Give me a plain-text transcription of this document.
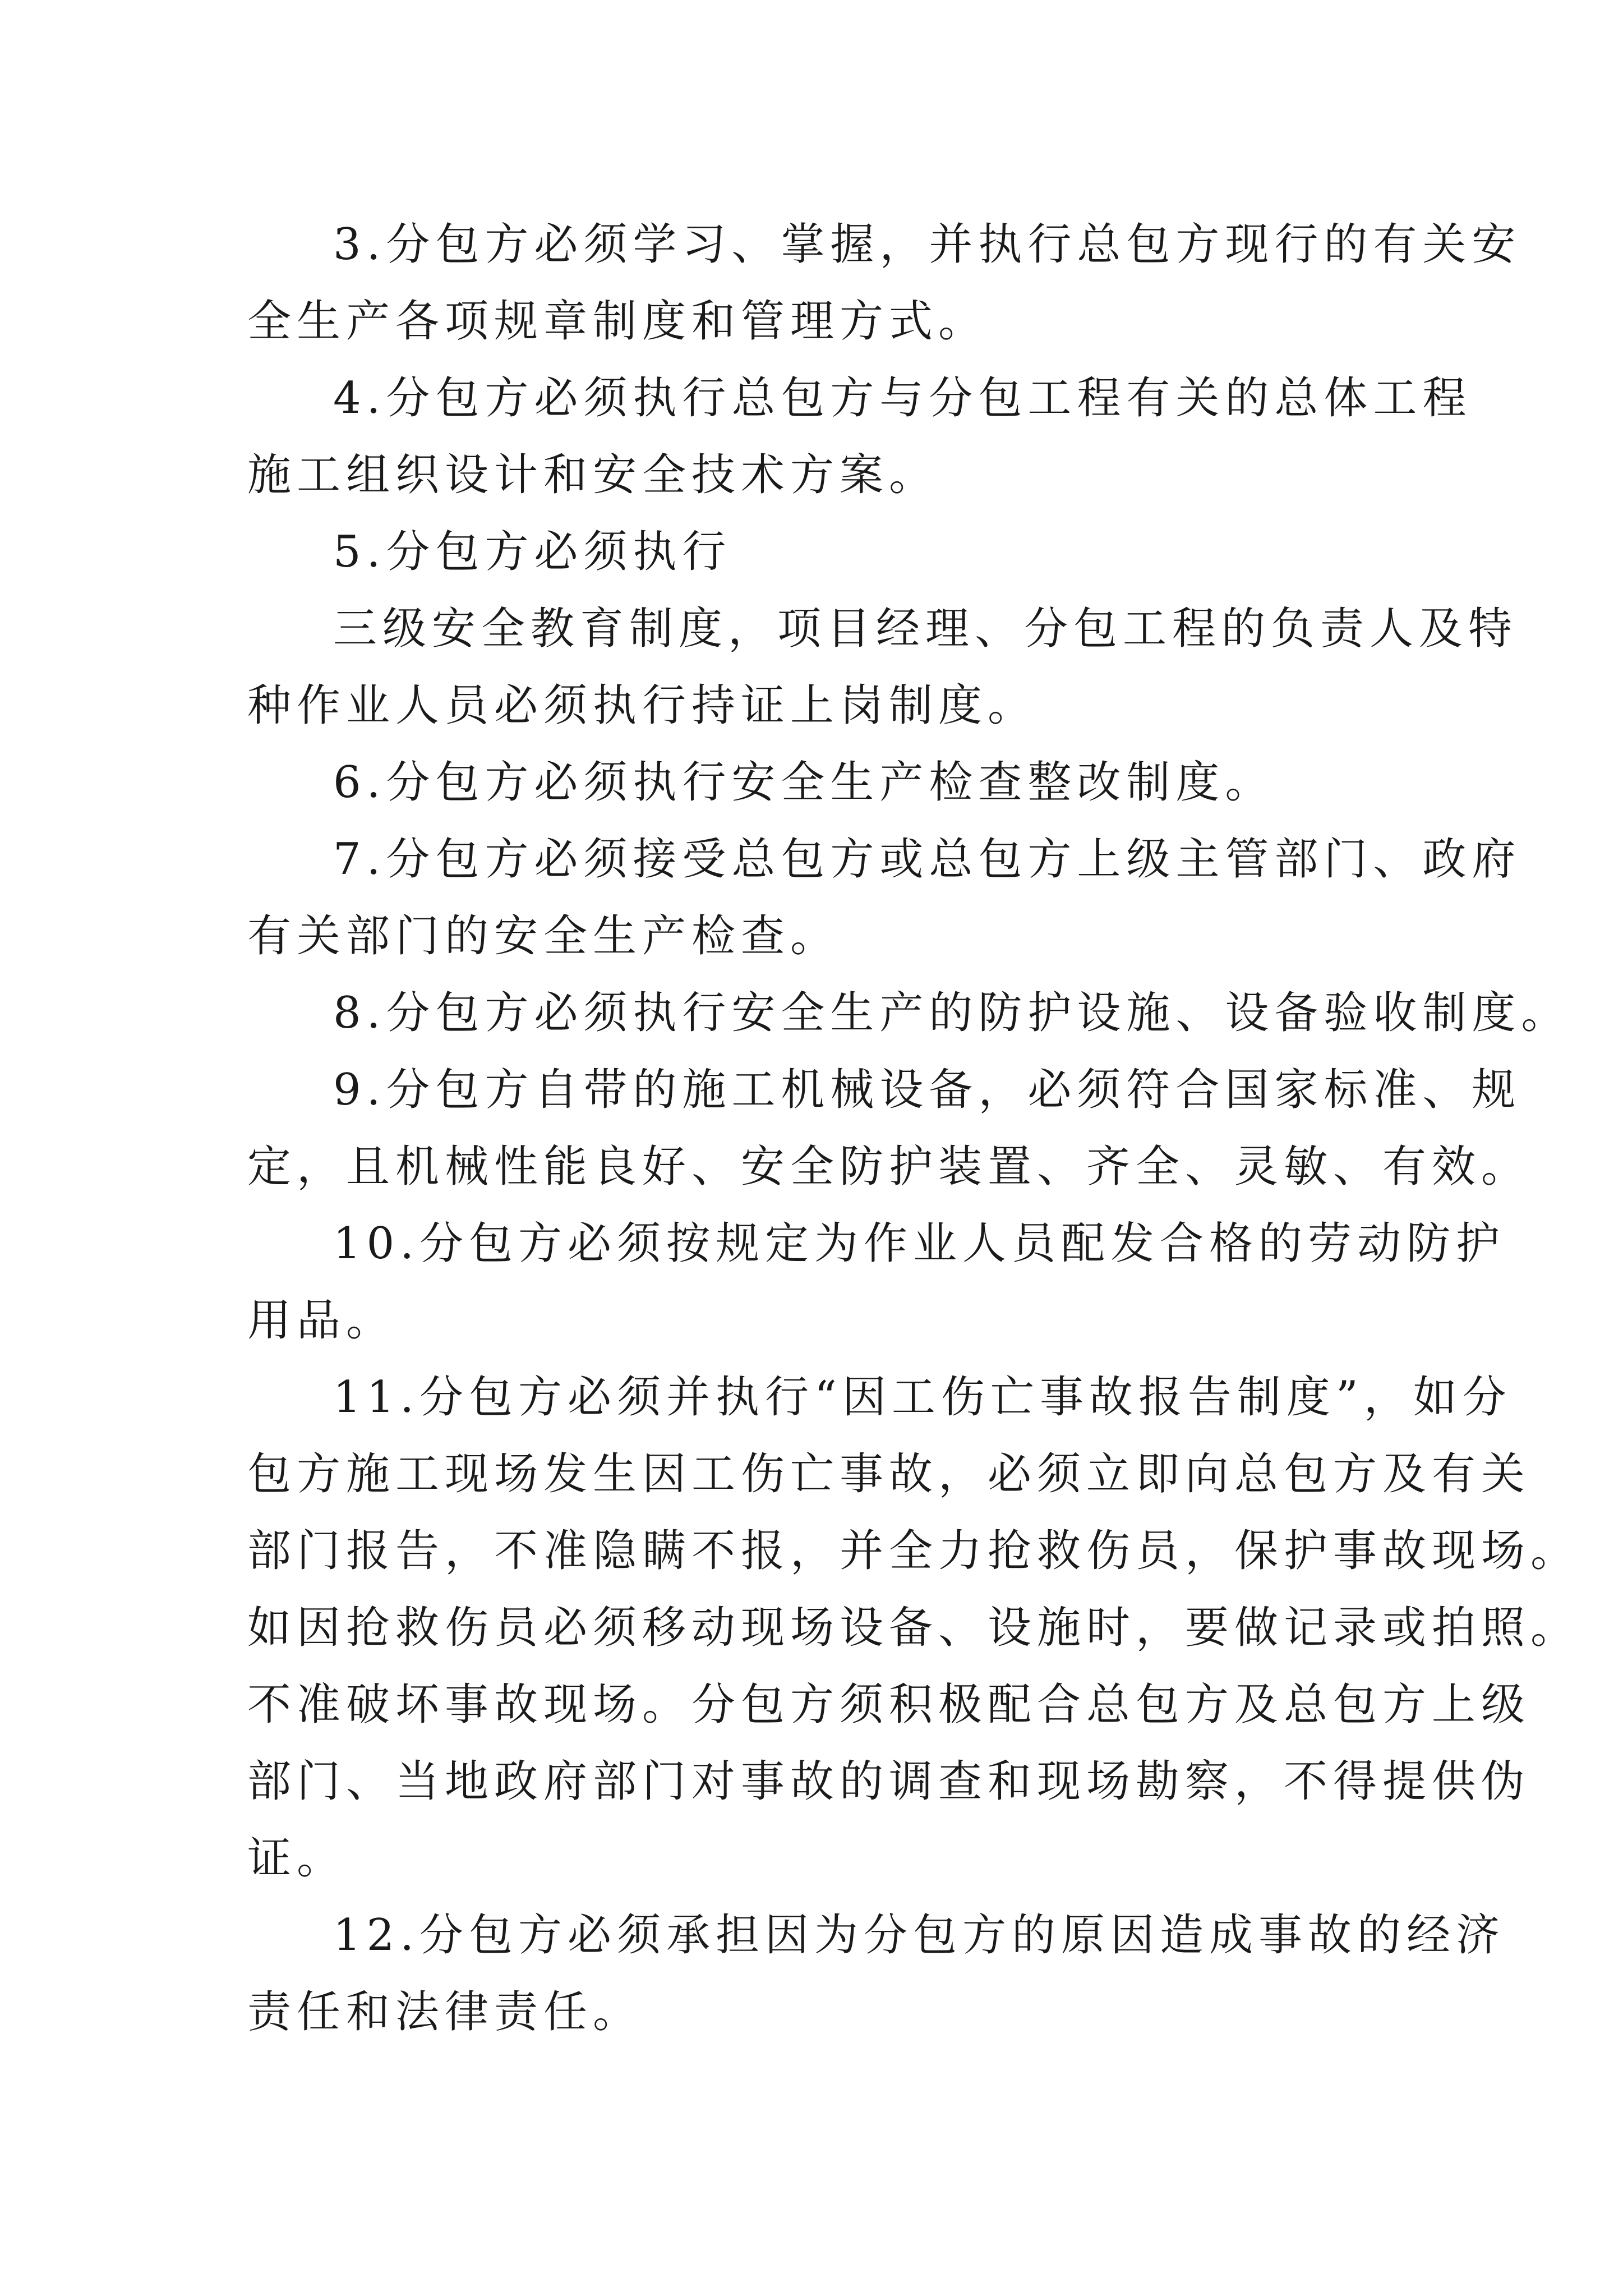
3.分包方必须学习、掌握，并执行总包方现行的有关安
全生产各项规章制度和管理方式。
4.分包方必须执行总包方与分包工程有关的总体工程
施工组织设计和安全技术方案。
5.分包方必须执行
三级安全教育制度，项目经理、分包工程的负责人及特
种作业人员必须执行持证上岗制度。
6.分包方必须执行安全生产检查整改制度。
7.分包方必须接受总包方或总包方上级主管部门、政府
有关部门的安全生产检查。
8.分包方必须执行安全生产的防护设施、设备验收制度。
9.分包方自带的施工机械设备，必须符合国家标准、规
定，且机械性能良好、安全防护装置、齐全、灵敏、有效。
10.分包方必须按规定为作业人员配发合格的劳动防护
用品。
11.分包方必须并执行“因工伤亡事故报告制度”，如分
包方施工现场发生因工伤亡事故，必须立即向总包方及有关
部门报告，不准隐瞒不报，并全力抢救伤员，保护事故现场。
如因抢救伤员必须移动现场设备、设施时，要做记录或拍照。
不准破坏事故现场。分包方须积极配合总包方及总包方上级
部门、当地政府部门对事故的调查和现场勘察，不得提供伪
证。
12.分包方必须承担因为分包方的原因造成事故的经济
责任和法律责任。
